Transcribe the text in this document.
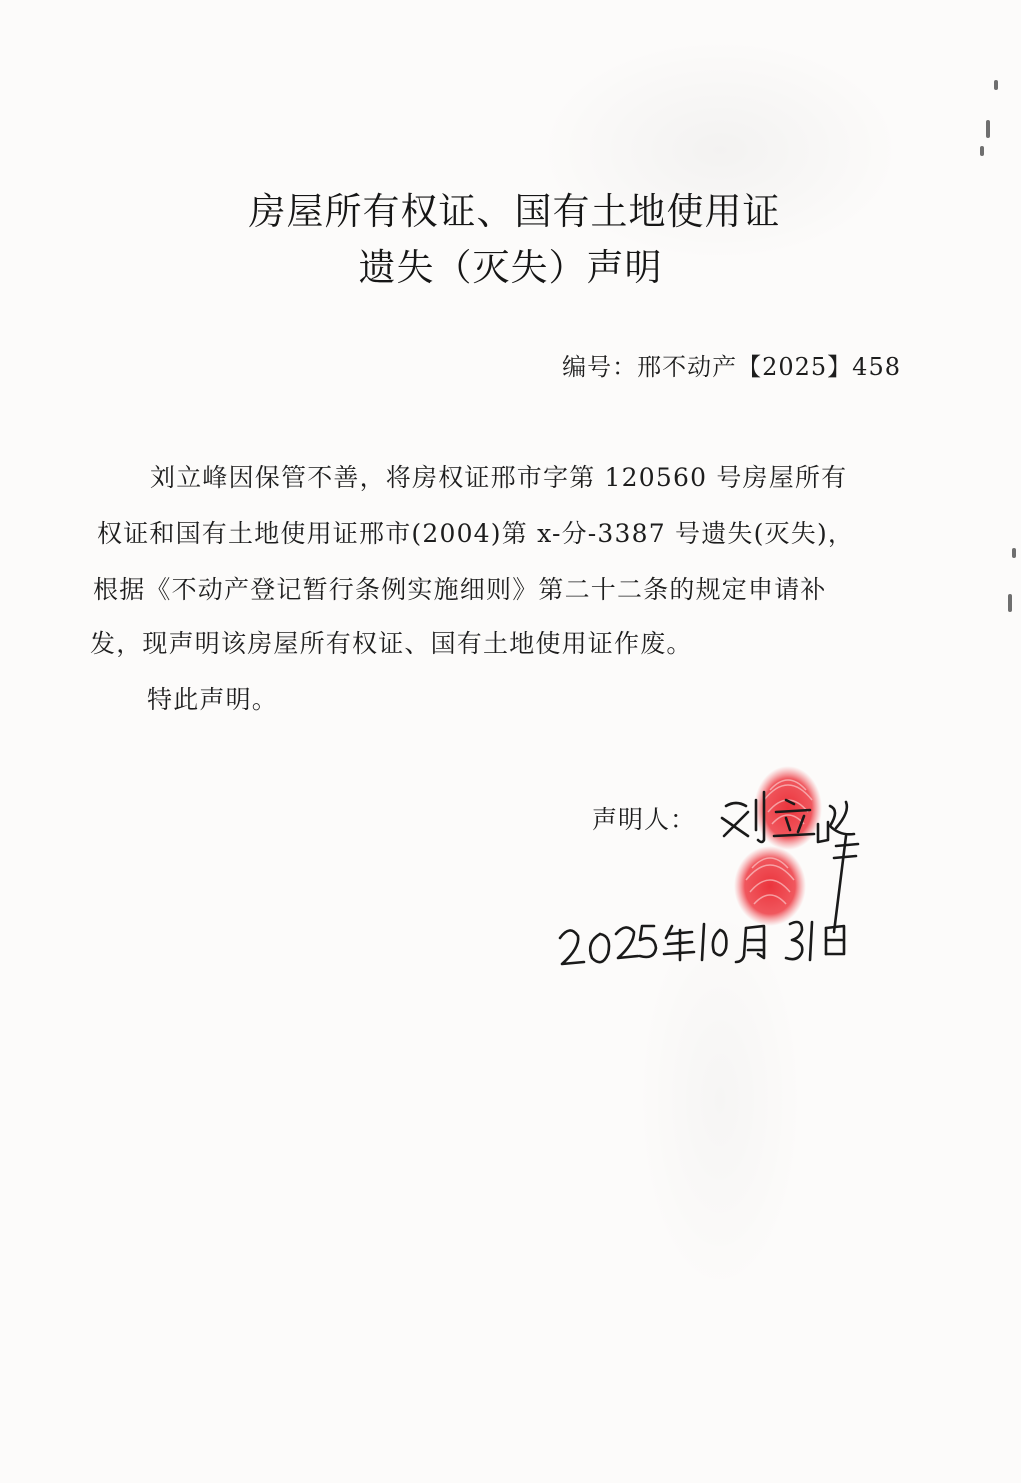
房屋所有权证、国有土地使用证
遗失（灭失）声明
编号：邢不动产【2025】458
刘立峰因保管不善，将房权证邢市字第 120560 号房屋所有
权证和国有土地使用证邢市(2004)第 x-分-3387 号遗失(灭失)，
根据《不动产登记暂行条例实施细则》第二十二条的规定申请补
发，现声明该房屋所有权证、国有土地使用证作废。
特此声明。
声明人：
